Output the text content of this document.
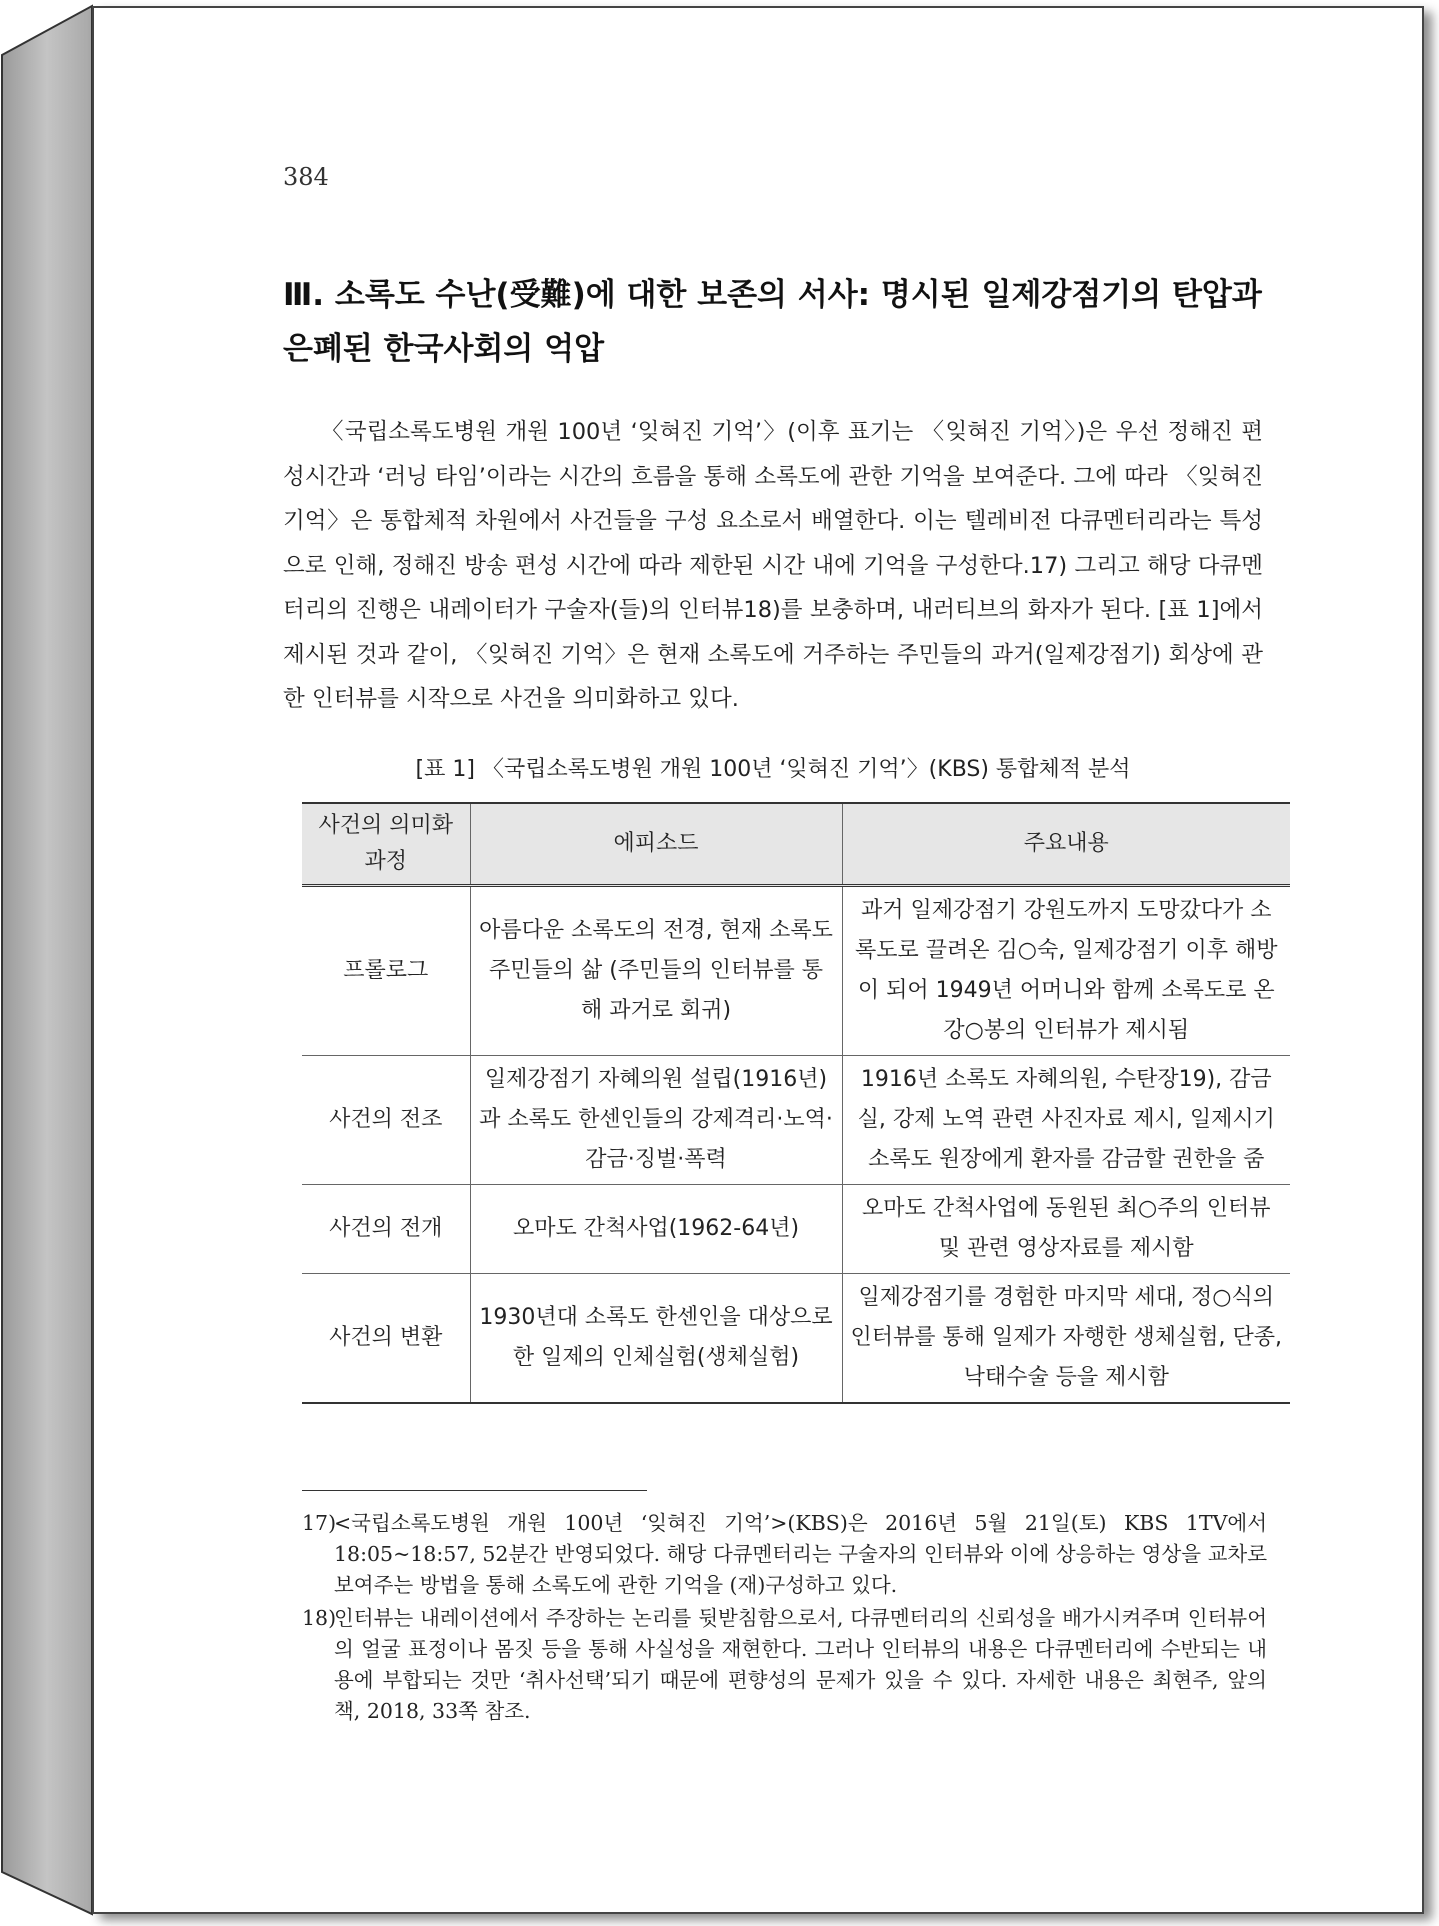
384
Ⅲ. 소록도 수난(受難)에 대한 보존의 서사: 명시된 일제강점기의 탄압과 은폐된 한국사회의 억압

〈국립소록도병원 개원 100년 ‘잊혀진 기억’〉(이후 표기는 〈잊혀진 기억〉)은 우선 정해진 편성시간과 ‘러닝 타임’이라는 시간의 흐름을 통해 소록도에 관한 기억을 보여준다. 그에 따라 〈잊혀진 기억〉은 통합체적 차원에서 사건들을 구성 요소로서 배열한다. 이는 텔레비전 다큐멘터리라는 특성으로 인해, 정해진 방송 편성 시간에 따라 제한된 시간 내에 기억을 구성한다.17) 그리고 해당 다큐멘터리의 진행은 내레이터가 구술자(들)의 인터뷰18)를 보충하며, 내러티브의 화자가 된다. [표 1]에서 제시된 것과 같이, 〈잊혀진 기억〉은 현재 소록도에 거주하는 주민들의 과거(일제강점기) 회상에 관한 인터뷰를 시작으로 사건을 의미화하고 있다.

[표 1] 〈국립소록도병원 개원 100년 ‘잊혀진 기억’〉(KBS) 통합체적 분석
사건의 의미화 과정	에피소드	주요내용
프롤로그	아름다운 소록도의 전경, 현재 소록도 주민들의 삶 (주민들의 인터뷰를 통해 과거로 회귀)	과거 일제강점기 강원도까지 도망갔다가 소록도로 끌려온 김○숙, 일제강점기 이후 해방이 되어 1949년 어머니와 함께 소록도로 온 강○봉의 인터뷰가 제시됨
사건의 전조	일제강점기 자혜의원 설립(1916년)과 소록도 한센인들의 강제격리·노역·감금·징벌·폭력	1916년 소록도 자혜의원, 수탄장19), 감금실, 강제 노역 관련 사진자료 제시, 일제시기 소록도 원장에게 환자를 감금할 권한을 줌
사건의 전개	오마도 간척사업(1962-64년)	오마도 간척사업에 동원된 최○주의 인터뷰 및 관련 영상자료를 제시함
사건의 변환	1930년대 소록도 한센인을 대상으로 한 일제의 인체실험(생체실험)	일제강점기를 경험한 마지막 세대, 정○식의 인터뷰를 통해 일제가 자행한 생체실험, 단종, 낙태수술 등을 제시함

17)<국립소록도병원 개원 100년 ‘잊혀진 기억’>(KBS)은 2016년 5월 21일(토) KBS 1TV에서 18:05~18:57, 52분간 반영되었다. 해당 다큐멘터리는 구술자의 인터뷰와 이에 상응하는 영상을 교차로 보여주는 방법을 통해 소록도에 관한 기억을 (재)구성하고 있다.

18)인터뷰는 내레이션에서 주장하는 논리를 뒷받침함으로서, 다큐멘터리의 신뢰성을 배가시켜주며 인터뷰어의 얼굴 표정이나 몸짓 등을 통해 사실성을 재현한다. 그러나 인터뷰의 내용은 다큐멘터리에 수반되는 내용에 부합되는 것만 ‘취사선택’되기 때문에 편향성의 문제가 있을 수 있다. 자세한 내용은 최현주, 앞의 책, 2018, 33쪽 참조.
